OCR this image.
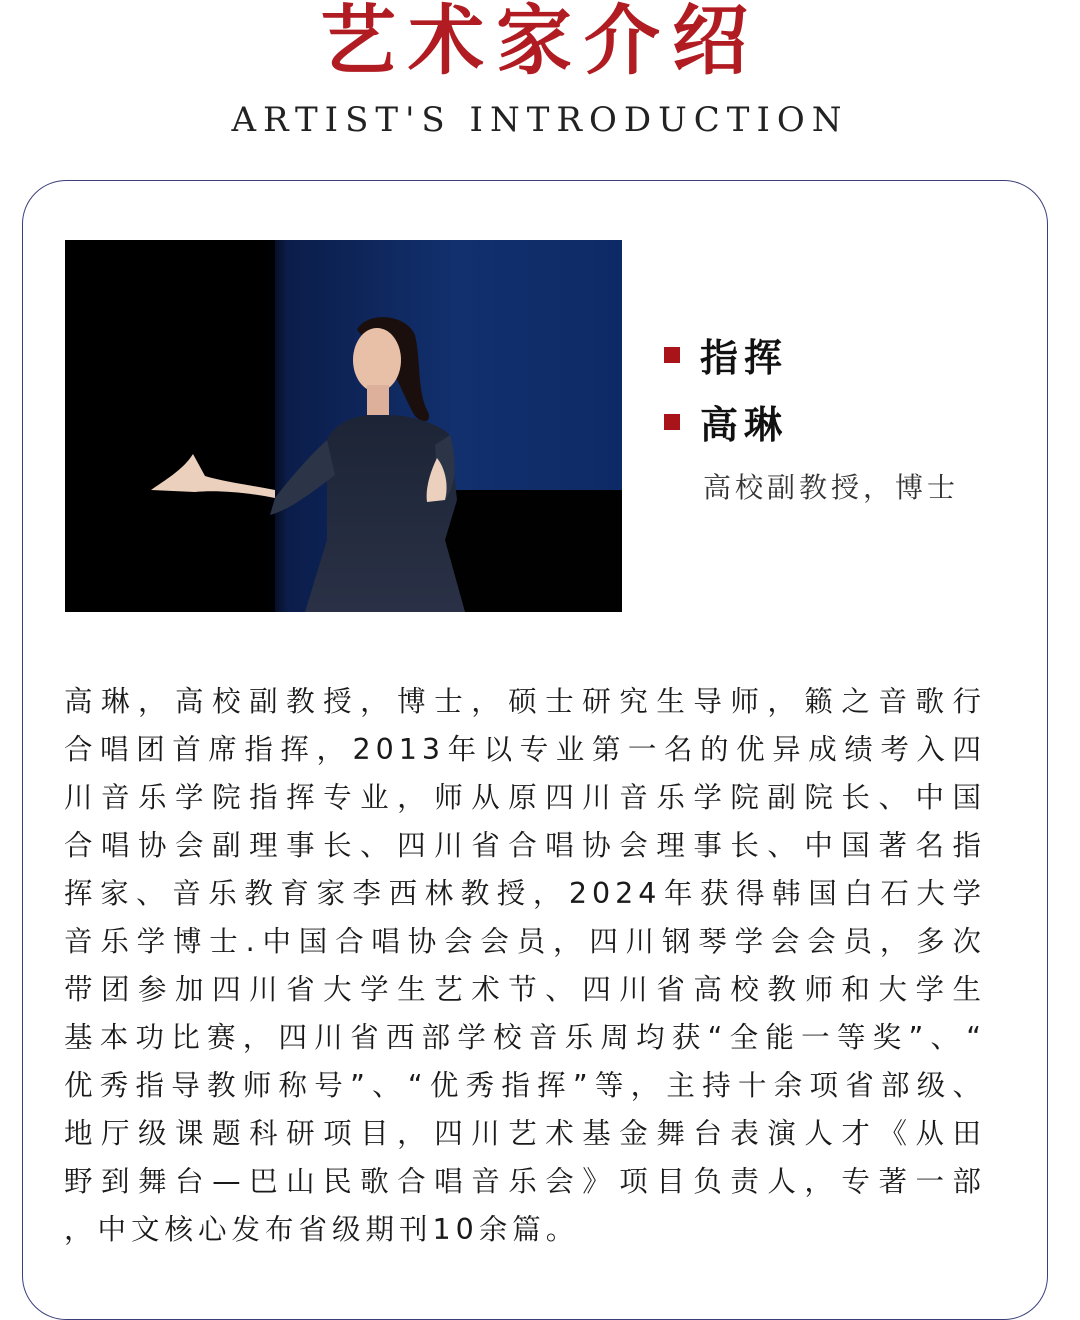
艺术家介绍
ARTIST'S INTRODUCTION
指挥
高琳
高校副教授，博士
高琳，高校副教授，博士，硕士研究生导师，籁之音歌行
合唱团首席指挥，2013年以专业第一名的优异成绩考入四
川音乐学院指挥专业，师从原四川音乐学院副院长、中国
合唱协会副理事长、四川省合唱协会理事长、中国著名指
挥家、音乐教育家李西林教授，2024年获得韩国白石大学
音乐学博士.中国合唱协会会员，四川钢琴学会会员，多次
带团参加四川省大学生艺术节、四川省高校教师和大学生
基本功比赛，四川省西部学校音乐周均获“全能一等奖”、“
优秀指导教师称号”、“优秀指挥”等，主持十余项省部级、
地厅级课题科研项目，四川艺术基金舞台表演人才《从田
野到舞台—巴山民歌合唱音乐会》项目负责人，专著一部
，中文核心发布省级期刊10余篇。
